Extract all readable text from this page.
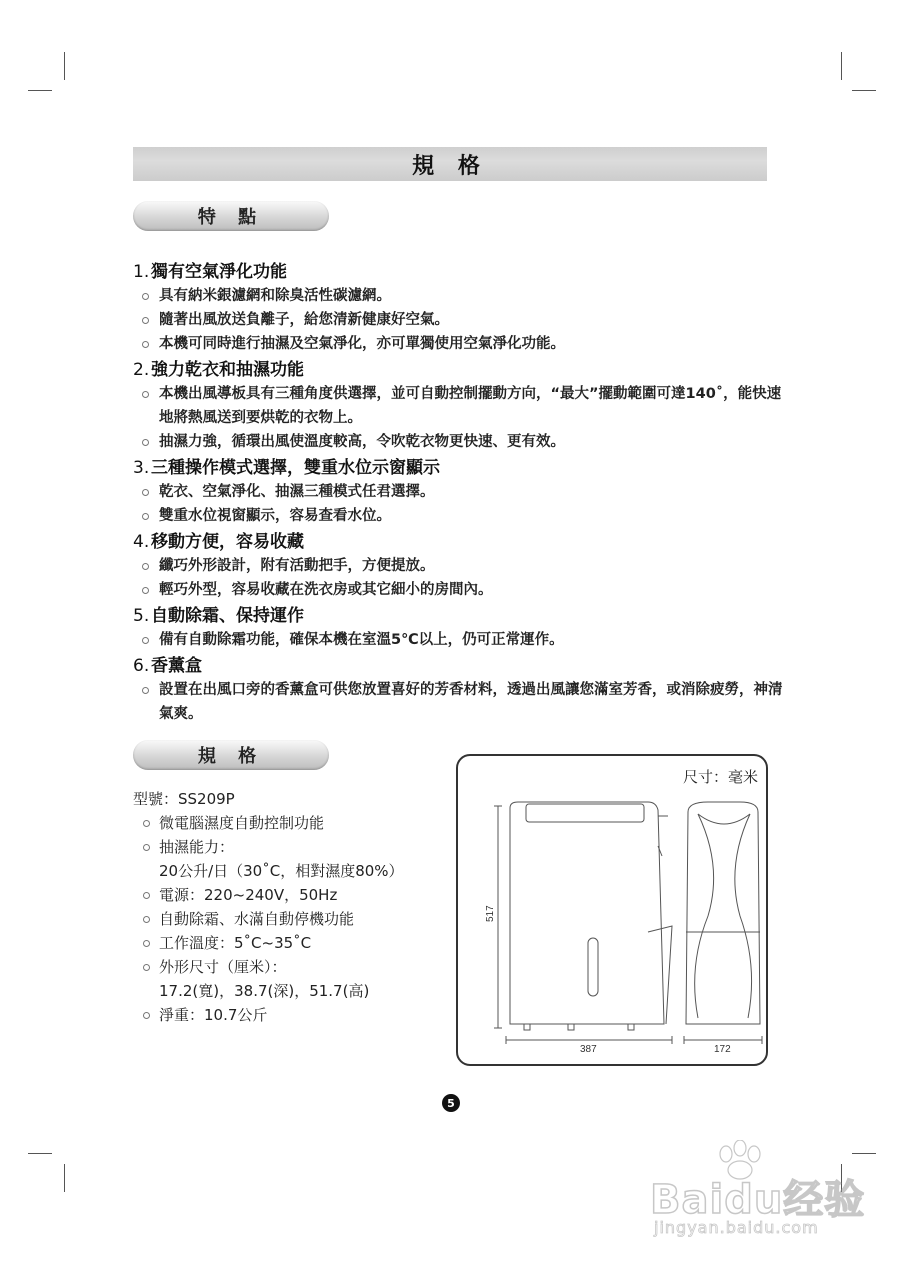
規 格
特 點
1. 獨有空氣淨化功能
具有納米銀濾網和除臭活性碳濾網。
隨著出風放送負離子，給您清新健康好空氣。
本機可同時進行抽濕及空氣淨化，亦可單獨使用空氣淨化功能。
2. 強力乾衣和抽濕功能
本機出風導板具有三種角度供選擇，並可自動控制擺動方向，“最大”擺動範圍可達140˚，能快速地將熱風送到要烘乾的衣物上。
抽濕力強，循環出風使溫度較高，令吹乾衣物更快速、更有效。
3. 三種操作模式選擇，雙重水位示窗顯示
乾衣、空氣淨化、抽濕三種模式任君選擇。
雙重水位視窗顯示，容易查看水位。
4. 移動方便，容易收藏
纖巧外形設計，附有活動把手，方便提放。
輕巧外型，容易收藏在洗衣房或其它細小的房間內。
5. 自動除霜、保持運作
備有自動除霜功能，確保本機在室溫5℃以上，仍可正常運作。
6. 香薰盒
設置在出風口旁的香薰盒可供您放置喜好的芳香材料，透過出風讓您滿室芳香，或消除疲勞，神清氣爽。
規 格
型號：SS209P
微電腦濕度自動控制功能
抽濕能力：
20公升/日（30˚C，相對濕度80%）
電源：220~240V，50Hz
自動除霜、水滿自動停機功能
工作溫度：5˚C~35˚C
外形尺寸（厘米）：
17.2(寬)，38.7(深)，51.7(高)
淨重：10.7公斤
尺寸：毫米
517
387	172
5
Baidu经验
jingyan.baidu.com
